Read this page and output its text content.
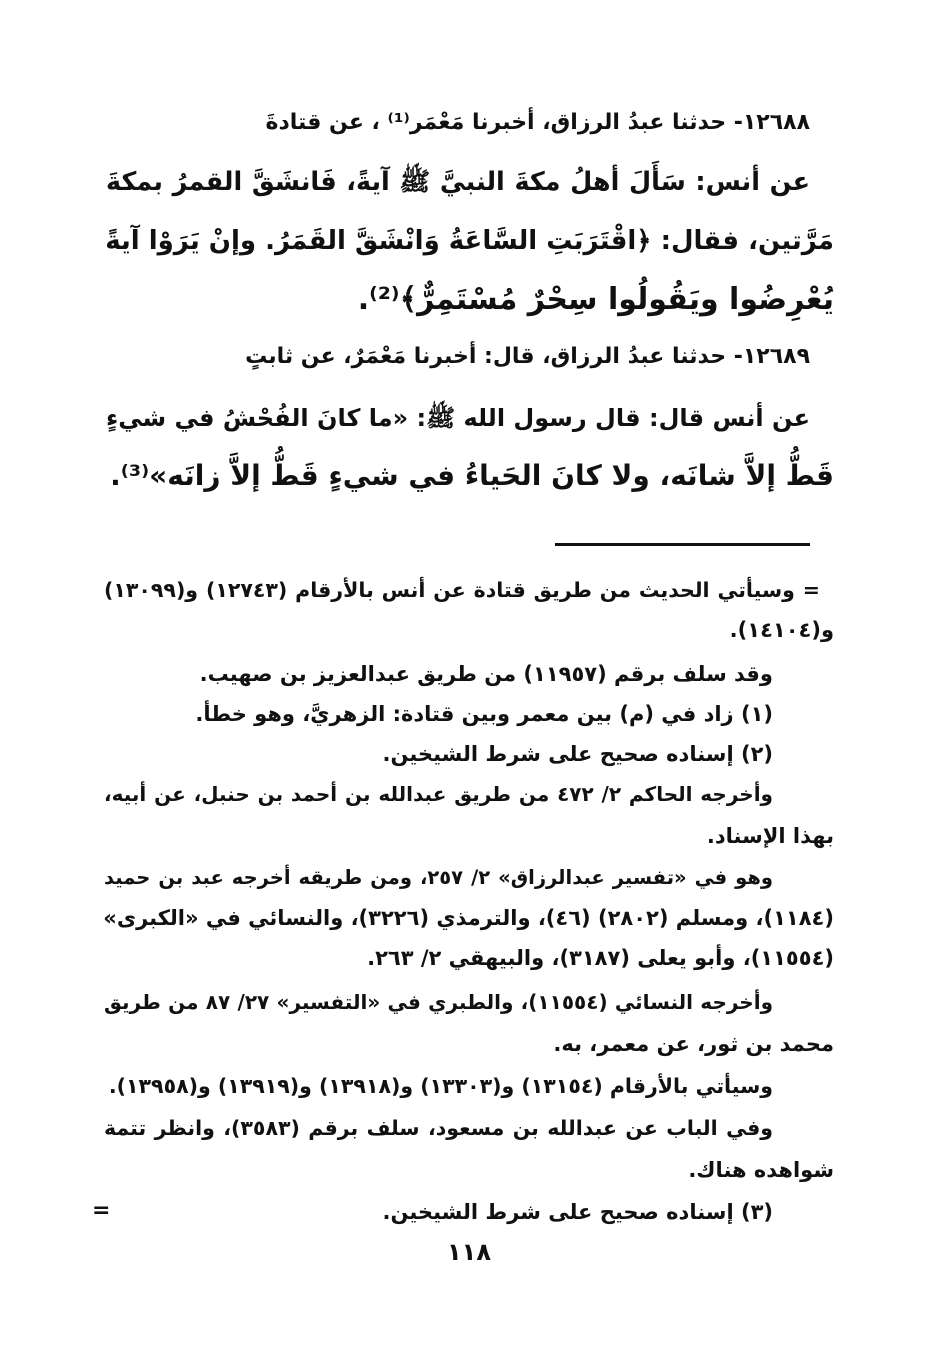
١٢٦٨٨- حدثنا عبدُ الرزاق، أخبرنا مَعْمَر⁽¹⁾ ، عن قتادةَ
عن أنس: سَأَلَ أهلُ مكةَ النبيَّ ﷺ آيةً، فَانشَقَّ القمرُ بمكةَ
مَرَّتين، فقال: ﴿اقْتَرَبَتِ السَّاعَةُ وَانْشَقَّ القَمَرُ. وإنْ يَرَوْا آيةً
يُعْرِضُوا ويَقُولُوا سِحْرٌ مُسْتَمِرٌّ﴾⁽²⁾.
١٢٦٨٩- حدثنا عبدُ الرزاق، قال: أخبرنا مَعْمَرٌ، عن ثابتٍ
عن أنس قال: قال رسول الله ﷺ: «ما كانَ الفُحْشُ في شيءٍ
قَطُّ إلاَّ شانَه، ولا كانَ الحَياءُ في شيءٍ قَطُّ إلاَّ زانَه»⁽³⁾.
= وسيأتي الحديث من طريق قتادة عن أنس بالأرقام (١٢٧٤٣) و(١٣٠٩٩)
و(١٤١٠٤).
وقد سلف برقم (١١٩٥٧) من طريق عبدالعزيز بن صهيب.
(١) زاد في (م) بين معمر وبين قتادة: الزهريَّ، وهو خطأ.
(٢) إسناده صحيح على شرط الشيخين.
وأخرجه الحاكم ٢/ ٤٧٢ من طريق عبدالله بن أحمد بن حنبل، عن أبيه،
بهذا الإسناد.
وهو في «تفسير عبدالرزاق» ٢/ ٢٥٧، ومن طريقه أخرجه عبد بن حميد
(١١٨٤)، ومسلم (٢٨٠٢) (٤٦)، والترمذي (٣٢٢٦)، والنسائي في «الكبرى»
(١١٥٥٤)، وأبو يعلى (٣١٨٧)، والبيهقي ٢/ ٢٦٣.
وأخرجه النسائي (١١٥٥٤)، والطبري في «التفسير» ٢٧/ ٨٧ من طريق
محمد بن ثور، عن معمر، به.
وسيأتي بالأرقام (١٣١٥٤) و(١٣٣٠٣) و(١٣٩١٨) و(١٣٩١٩) و(١٣٩٥٨).
وفي الباب عن عبدالله بن مسعود، سلف برقم (٣٥٨٣)، وانظر تتمة
شواهده هناك.
(٣) إسناده صحيح على شرط الشيخين.
=
١١٨
